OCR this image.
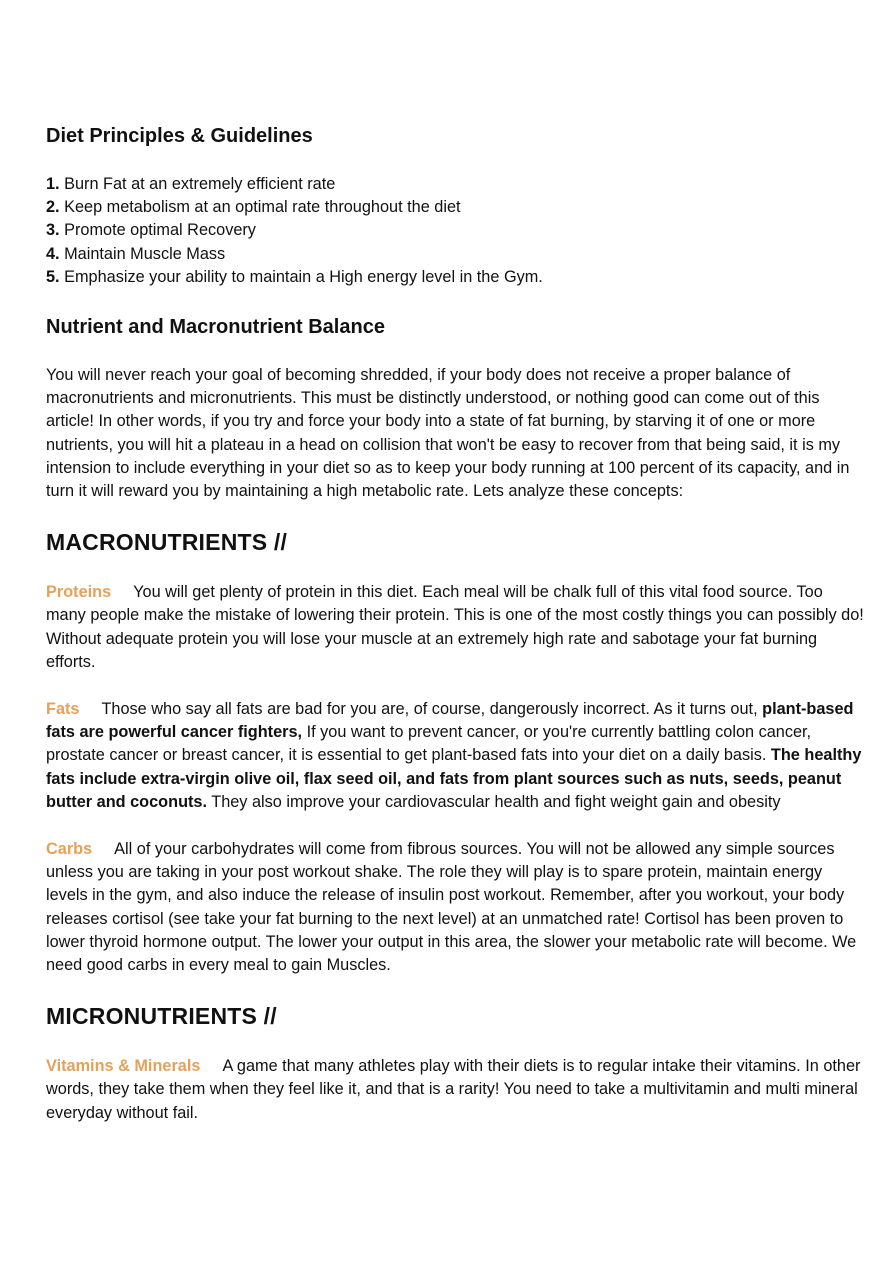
Diet Principles & Guidelines
1. Burn Fat at an extremely efficient rate
2. Keep metabolism at an optimal rate throughout the diet
3. Promote optimal Recovery
4. Maintain Muscle Mass
5. Emphasize your ability to maintain a High energy level in the Gym.
Nutrient and Macronutrient Balance

You will never reach your goal of becoming shredded, if your body does not receive a proper balance of macronutrients and micronutrients. This must be distinctly understood, or nothing good can come out of this article! In other words, if you try and force your body into a state of fat burning, by starving it of one or more nutrients, you will hit a plateau in a head on collision that won't be easy to recover from that being said, it is my intension to include everything in your diet so as to keep your body running at 100 percent of its capacity, and in turn it will reward you by maintaining a high metabolic rate. Lets analyze these concepts:

MACRONUTRIENTS //

Proteins You will get plenty of protein in this diet. Each meal will be chalk full of this vital food source. Too many people make the mistake of lowering their protein. This is one of the most costly things you can possibly do! Without adequate protein you will lose your muscle at an extremely high rate and sabotage your fat burning efforts.

Fats Those who say all fats are bad for you are, of course, dangerously incorrect. As it turns out, plant-based fats are powerful cancer fighters, If you want to prevent cancer, or you're currently battling colon cancer, prostate cancer or breast cancer, it is essential to get plant-based fats into your diet on a daily basis. The healthy fats include extra-virgin olive oil, flax seed oil, and fats from plant sources such as nuts, seeds, peanut butter and coconuts. They also improve your cardiovascular health and fight weight gain and obesity

Carbs All of your carbohydrates will come from fibrous sources. You will not be allowed any simple sources unless you are taking in your post workout shake. The role they will play is to spare protein, maintain energy levels in the gym, and also induce the release of insulin post workout. Remember, after you workout, your body releases cortisol (see take your fat burning to the next level) at an unmatched rate! Cortisol has been proven to lower thyroid hormone output. The lower your output in this area, the slower your metabolic rate will become. We need good carbs in every meal to gain Muscles.

MICRONUTRIENTS //

Vitamins & Minerals A game that many athletes play with their diets is to regular intake their vitamins. In other words, they take them when they feel like it, and that is a rarity! You need to take a multivitamin and multi mineral everyday without fail.
